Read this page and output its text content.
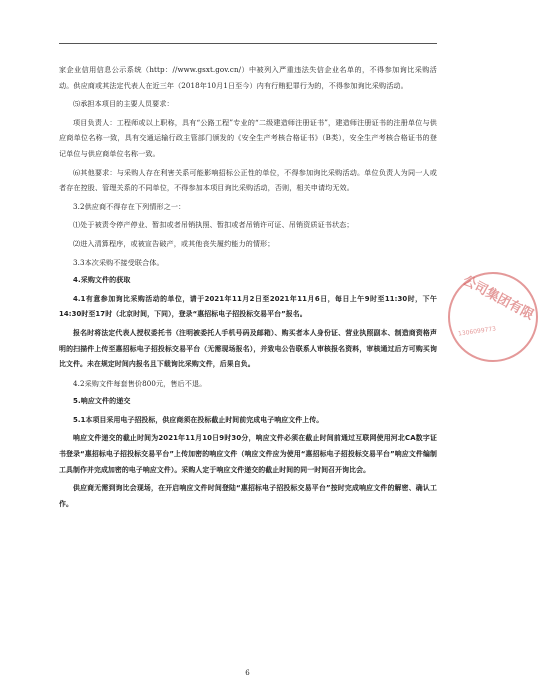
家企业信用信息公示系统（http：//www.gsxt.gov.cn/）中被列入严重违法失信企业名单的，不得参加询比采购活动。供应商或其法定代表人在近三年（2018年10月1日至今）内有行贿犯罪行为的，不得参加询比采购活动。

⑸承担本项目的主要人员要求：

项目负责人：工程师或以上职称，具有“公路工程”专业的“二级建造师注册证书”，建造师注册证书的注册单位与供应商单位名称一致，具有交通运输行政主管部门颁发的《安全生产考核合格证书》（B类），安全生产考核合格证书的登记单位与供应商单位名称一致。

⑹其他要求：与采购人存在利害关系可能影响招标公正性的单位，不得参加询比采购活动。单位负责人为同一人或者存在控股、管理关系的不同单位，不得参加本项目询比采购活动，否则，相关申请均无效。

3.2供应商不得存在下列情形之一：

⑴处于被责令停产停业、暂扣或者吊销执照、暂扣或者吊销许可证、吊销资质证书状态；

⑵进入清算程序，或被宣告破产，或其他丧失履约能力的情形；

3.3本次采购不接受联合体。

4.采购文件的获取

4.1有意参加询比采购活动的单位，请于2021年11月2日至2021年11月6日，每日上午9时至11:30时，下午14:30时至17时（北京时间，下同），登录“惠招标电子招投标交易平台”报名。

报名时将法定代表人授权委托书（注明被委托人手机号码及邮箱）、购买者本人身份证、营业执照副本、制造商资格声明的扫描件上传至惠招标电子招投标交易平台（无需现场报名），并致电公告联系人审核报名资料，审核通过后方可购买询比文件。未在规定时间内报名且下载询比采购文件，后果自负。

4.2采购文件每套售价800元，售后不退。

5.响应文件的递交

5.1本项目采用电子招投标，供应商须在投标截止时间前完成电子响应文件上传。

响应文件递交的截止时间为2021年11月10日9时30分，响应文件必须在截止时间前通过互联网使用河北CA数字证书登录“惠招标电子招投标交易平台”上传加密的响应文件（响应文件应为使用“惠招标电子招投标交易平台”响应文件编制工具制作并完成加密的电子响应文件）。采购人定于响应文件递交的截止时间的同一时间召开询比会。

供应商无需到询比会现场，在开启响应文件时间登陆“惠招标电子招投标交易平台”按时完成响应文件的解密、确认工作。

6
公司集团有限
1306099773
